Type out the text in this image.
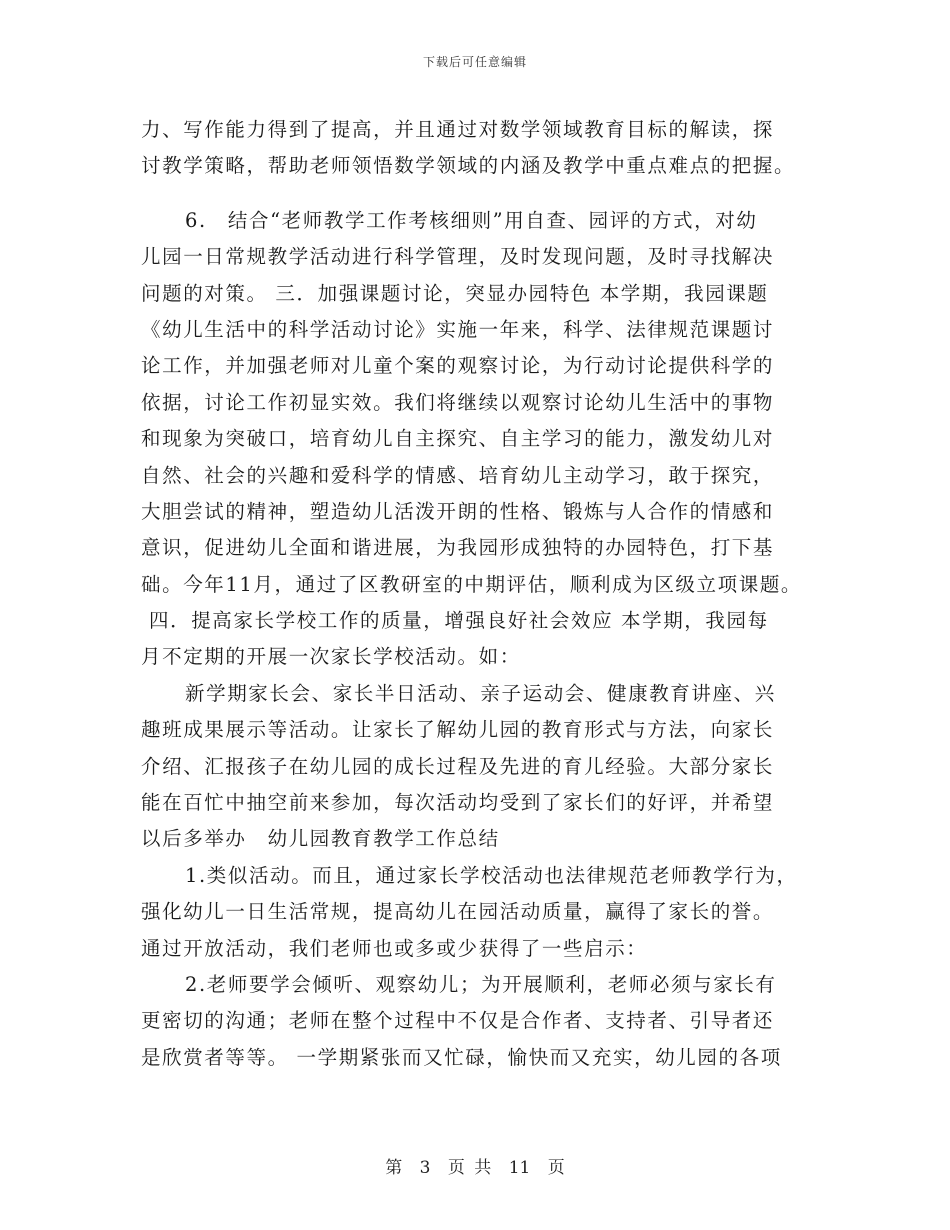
下载后可任意编辑
力、写作能力得到了提高，并且通过对数学领域教育目标的解读，探
讨教学策略，帮助老师领悟数学领域的内涵及教学中重点难点的把握。
6.　结合“老师教学工作考核细则”用自查、园评的方式，对幼
儿园一日常规教学活动进行科学管理，及时发现问题，及时寻找解决
问题的对策。 三．加强课题讨论，突显办园特色 本学期，我园课题
《幼儿生活中的科学活动讨论》实施一年来，科学、法律规范课题讨
论工作，并加强老师对儿童个案的观察讨论，为行动讨论提供科学的
依据，讨论工作初显实效。我们将继续以观察讨论幼儿生活中的事物
和现象为突破口，培育幼儿自主探究、自主学习的能力，激发幼儿对
自然、社会的兴趣和爱科学的情感、培育幼儿主动学习，敢于探究，
大胆尝试的精神，塑造幼儿活泼开朗的性格、锻炼与人合作的情感和
意识，促进幼儿全面和谐进展，为我园形成独特的办园特色，打下基
础。今年11月，通过了区教研室的中期评估，顺利成为区级立项课题。
四．提高家长学校工作的质量，增强良好社会效应 本学期，我园每
月不定期的开展一次家长学校活动。如：
新学期家长会、家长半日活动、亲子运动会、健康教育讲座、兴
趣班成果展示等活动。让家长了解幼儿园的教育形式与方法，向家长
介绍、汇报孩子在幼儿园的成长过程及先进的育儿经验。大部分家长
能在百忙中抽空前来参加，每次活动均受到了家长们的好评，并希望
以后多举办　幼儿园教育教学工作总结
1.类似活动。而且，通过家长学校活动也法律规范老师教学行为，
强化幼儿一日生活常规，提高幼儿在园活动质量，赢得了家长的誉。
通过开放活动，我们老师也或多或少获得了一些启示：
2.老师要学会倾听、观察幼儿；为开展顺利，老师必须与家长有
更密切的沟通；老师在整个过程中不仅是合作者、支持者、引导者还
是欣赏者等等。 一学期紧张而又忙碌，愉快而又充实，幼儿园的各项
第 3 页 共 11 页
